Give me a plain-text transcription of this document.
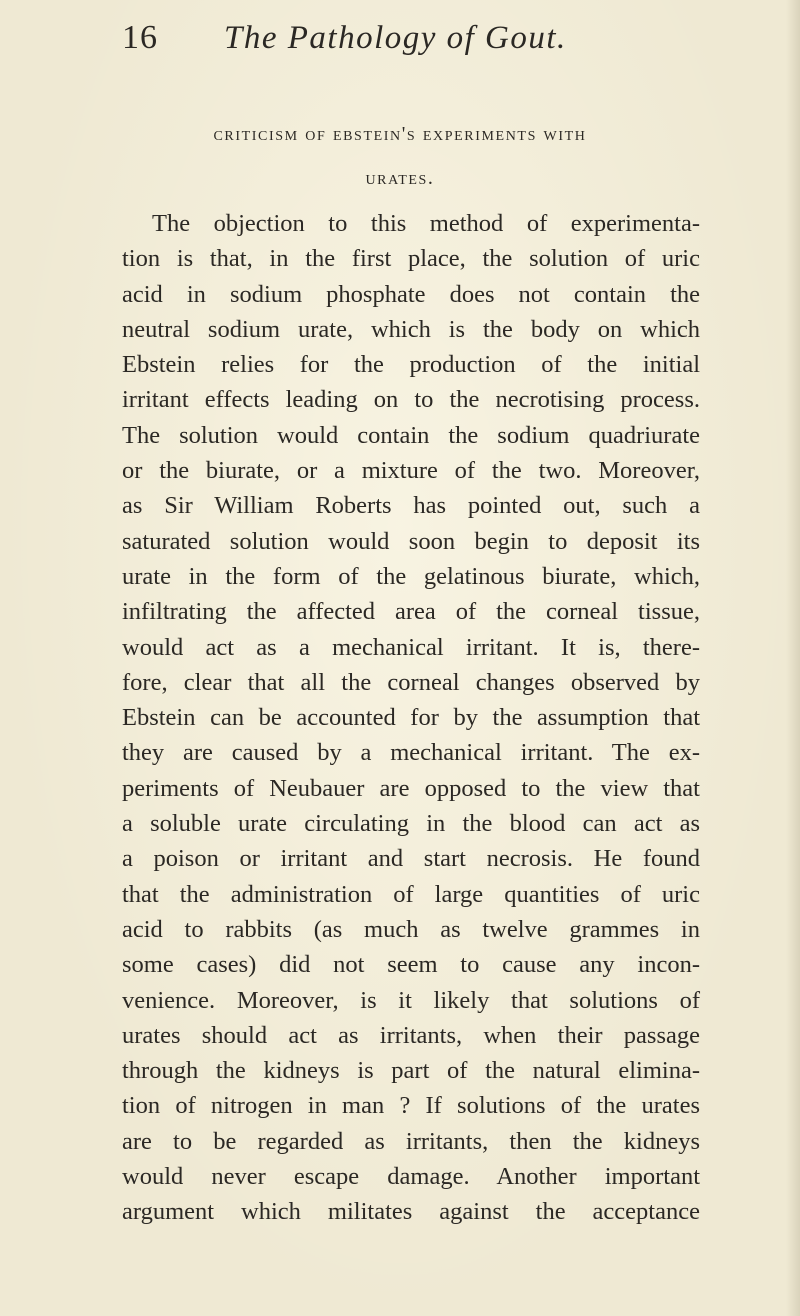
16 The Pathology of Gout.
criticism of ebstein's experiments with
urates.

The objection to this method of experimenta-
tion is that, in the first place, the solution of uric
acid in sodium phosphate does not contain the
neutral sodium urate, which is the body on which
Ebstein relies for the production of the initial
irritant effects leading on to the necrotising process.
The solution would contain the sodium quadriurate
or the biurate, or a mixture of the two. Moreover,
as Sir William Roberts has pointed out, such a
saturated solution would soon begin to deposit its
urate in the form of the gelatinous biurate, which,
infiltrating the affected area of the corneal tissue,
would act as a mechanical irritant. It is, there-
fore, clear that all the corneal changes observed by
Ebstein can be accounted for by the assumption that
they are caused by a mechanical irritant. The ex-
periments of Neubauer are opposed to the view that
a soluble urate circulating in the blood can act as
a poison or irritant and start necrosis. He found
that the administration of large quantities of uric
acid to rabbits (as much as twelve grammes in
some cases) did not seem to cause any incon-
venience. Moreover, is it likely that solutions of
urates should act as irritants, when their passage
through the kidneys is part of the natural elimina-
tion of nitrogen in man ? If solutions of the urates
are to be regarded as irritants, then the kidneys
would never escape damage. Another important
argument which militates against the acceptance
